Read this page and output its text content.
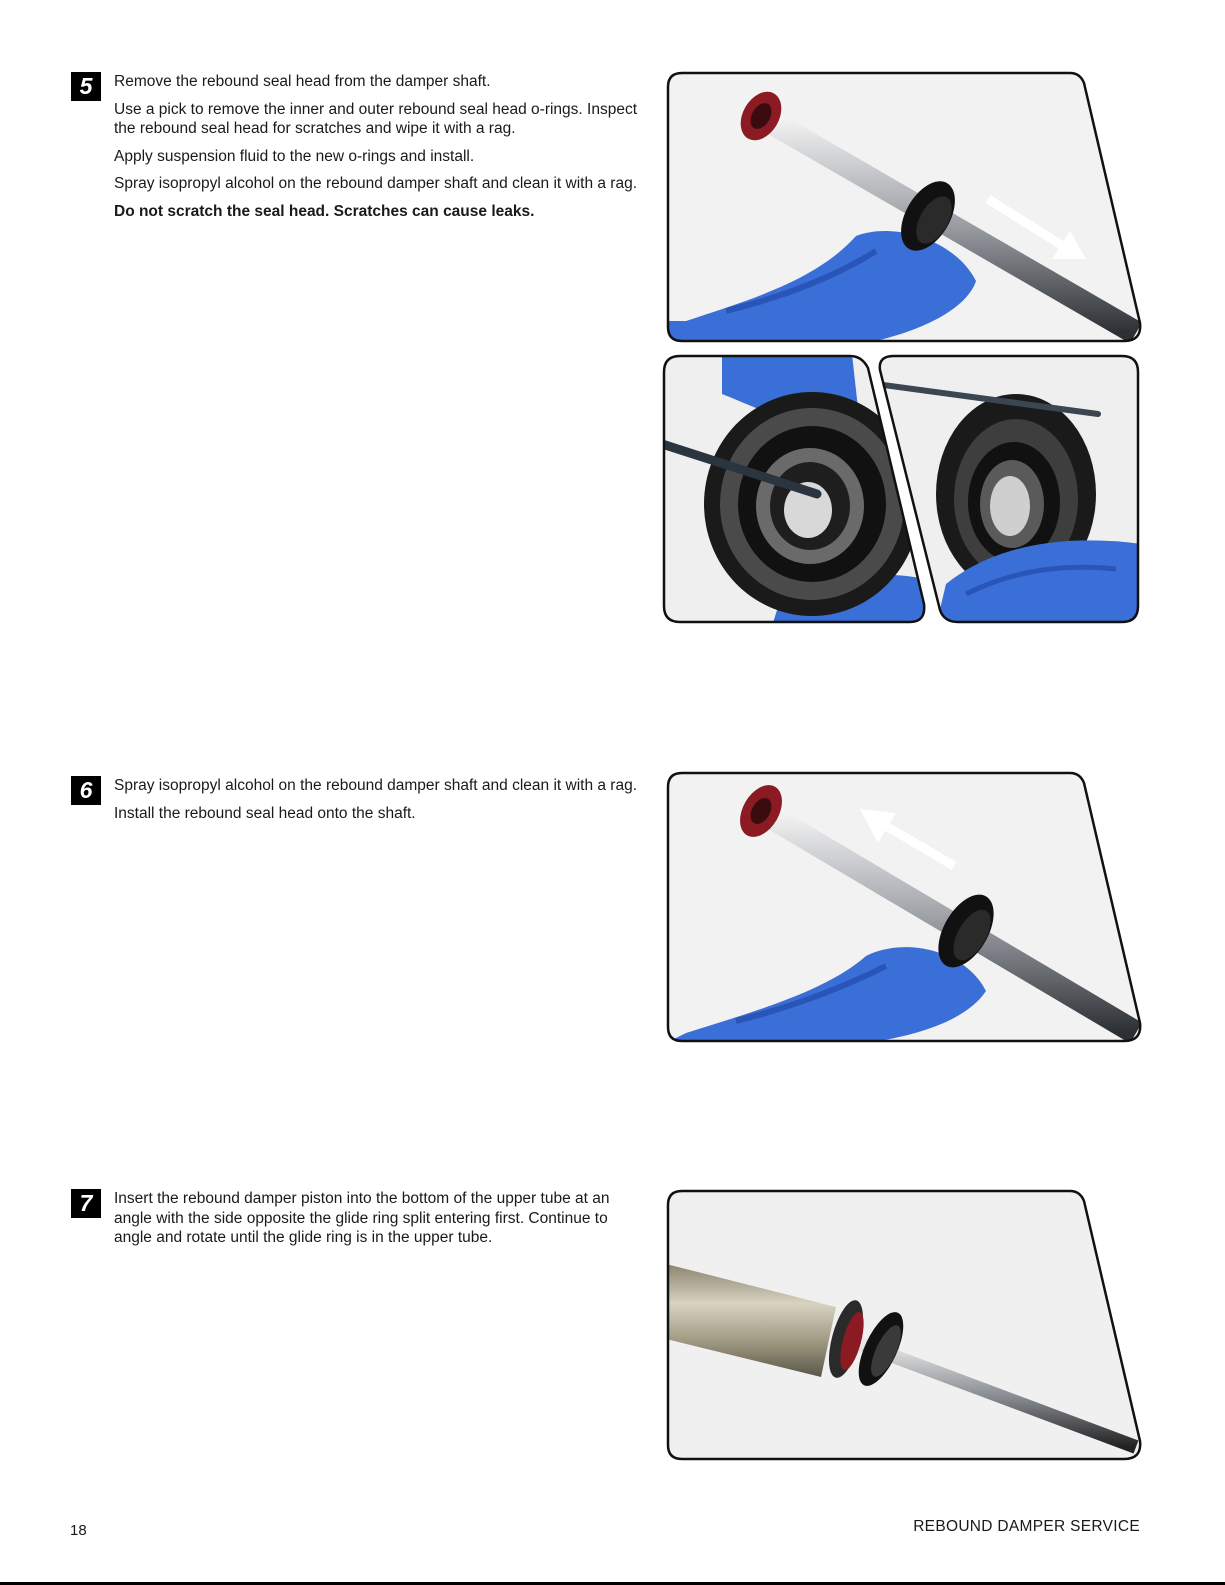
5	Remove the rebound seal head from the damper shaft.

Use a pick to remove the inner and outer rebound seal head o-rings. Inspect the rebound seal head for scratches and wipe it with a rag.

Apply suspension fluid to the new o-rings and install.

Spray isopropyl alcohol on the rebound damper shaft and clean it with a rag.

Do not scratch the seal head. Scratches can cause leaks.

6	Spray isopropyl alcohol on the rebound damper shaft and clean it with a rag.

Install the rebound seal head onto the shaft.

7	Insert the rebound damper piston into the bottom of the upper tube at an angle with the side opposite the glide ring split entering first. Continue to angle and rotate until the glide ring is in the upper tube.

18	REBOUND DAMPER SERVICE
